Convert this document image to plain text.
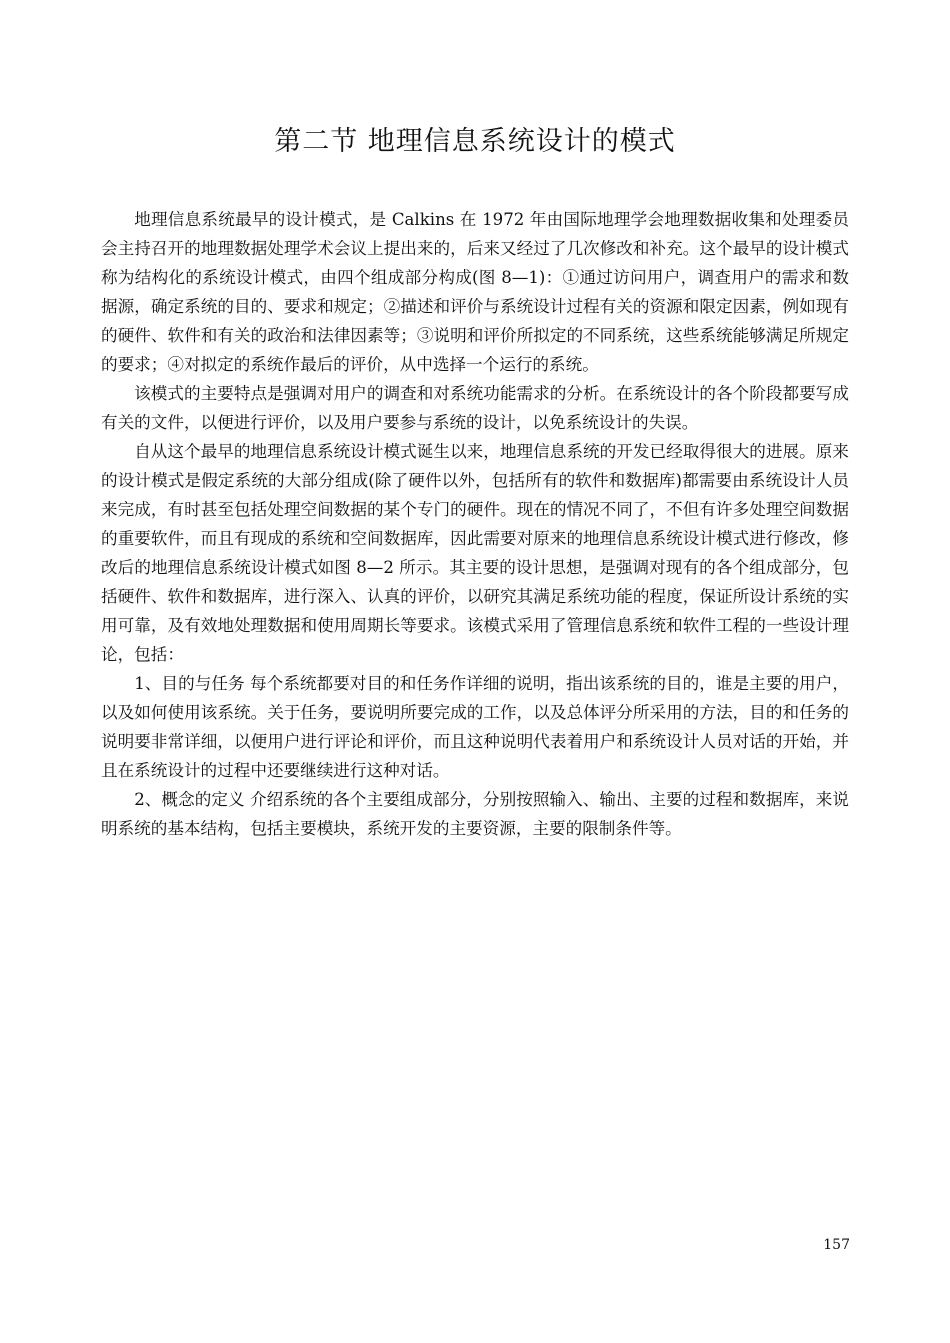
第二节 地理信息系统设计的模式

地理信息系统最早的设计模式，是 Calkins 在 1972 年由国际地理学会地理数据收集和处理委员会主持召开的地理数据处理学术会议上提出来的，后来又经过了几次修改和补充。这个最早的设计模式称为结构化的系统设计模式，由四个组成部分构成(图 8—1)：①通过访问用户，调查用户的需求和数据源，确定系统的目的、要求和规定；②描述和评价与系统设计过程有关的资源和限定因素，例如现有的硬件、软件和有关的政治和法律因素等；③说明和评价所拟定的不同系统，这些系统能够满足所规定的要求；④对拟定的系统作最后的评价，从中选择一个运行的系统。

该模式的主要特点是强调对用户的调查和对系统功能需求的分析。在系统设计的各个阶段都要写成有关的文件，以便进行评价，以及用户要参与系统的设计，以免系统设计的失误。

自从这个最早的地理信息系统设计模式诞生以来，地理信息系统的开发已经取得很大的进展。原来的设计模式是假定系统的大部分组成(除了硬件以外，包括所有的软件和数据库)都需要由系统设计人员来完成，有时甚至包括处理空间数据的某个专门的硬件。现在的情况不同了，不但有许多处理空间数据的重要软件，而且有现成的系统和空间数据库，因此需要对原来的地理信息系统设计模式进行修改，修改后的地理信息系统设计模式如图 8—2 所示。其主要的设计思想，是强调对现有的各个组成部分，包括硬件、软件和数据库，进行深入、认真的评价，以研究其满足系统功能的程度，保证所设计系统的实用可靠，及有效地处理数据和使用周期长等要求。该模式采用了管理信息系统和软件工程的一些设计理论，包括：

1、目的与任务 每个系统都要对目的和任务作详细的说明，指出该系统的目的，谁是主要的用户，以及如何使用该系统。关于任务，要说明所要完成的工作，以及总体评分所采用的方法，目的和任务的说明要非常详细，以便用户进行评论和评价，而且这种说明代表着用户和系统设计人员对话的开始，并且在系统设计的过程中还要继续进行这种对话。

2、概念的定义 介绍系统的各个主要组成部分，分别按照输入、输出、主要的过程和数据库，来说明系统的基本结构，包括主要模块，系统开发的主要资源，主要的限制条件等。

157
